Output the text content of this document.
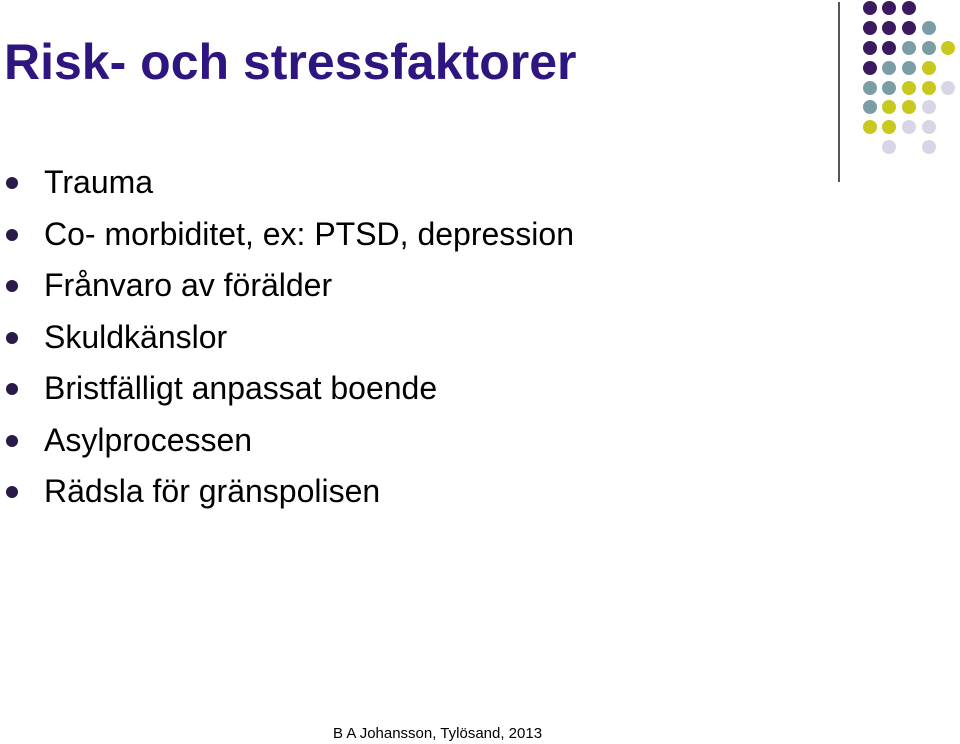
Risk- och stressfaktorer
Trauma
Co- morbiditet, ex: PTSD, depression
Frånvaro av förälder
Skuldkänslor
Bristfälligt anpassat boende
Asylprocessen
Rädsla för gränspolisen
B A Johansson, Tylösand, 2013
